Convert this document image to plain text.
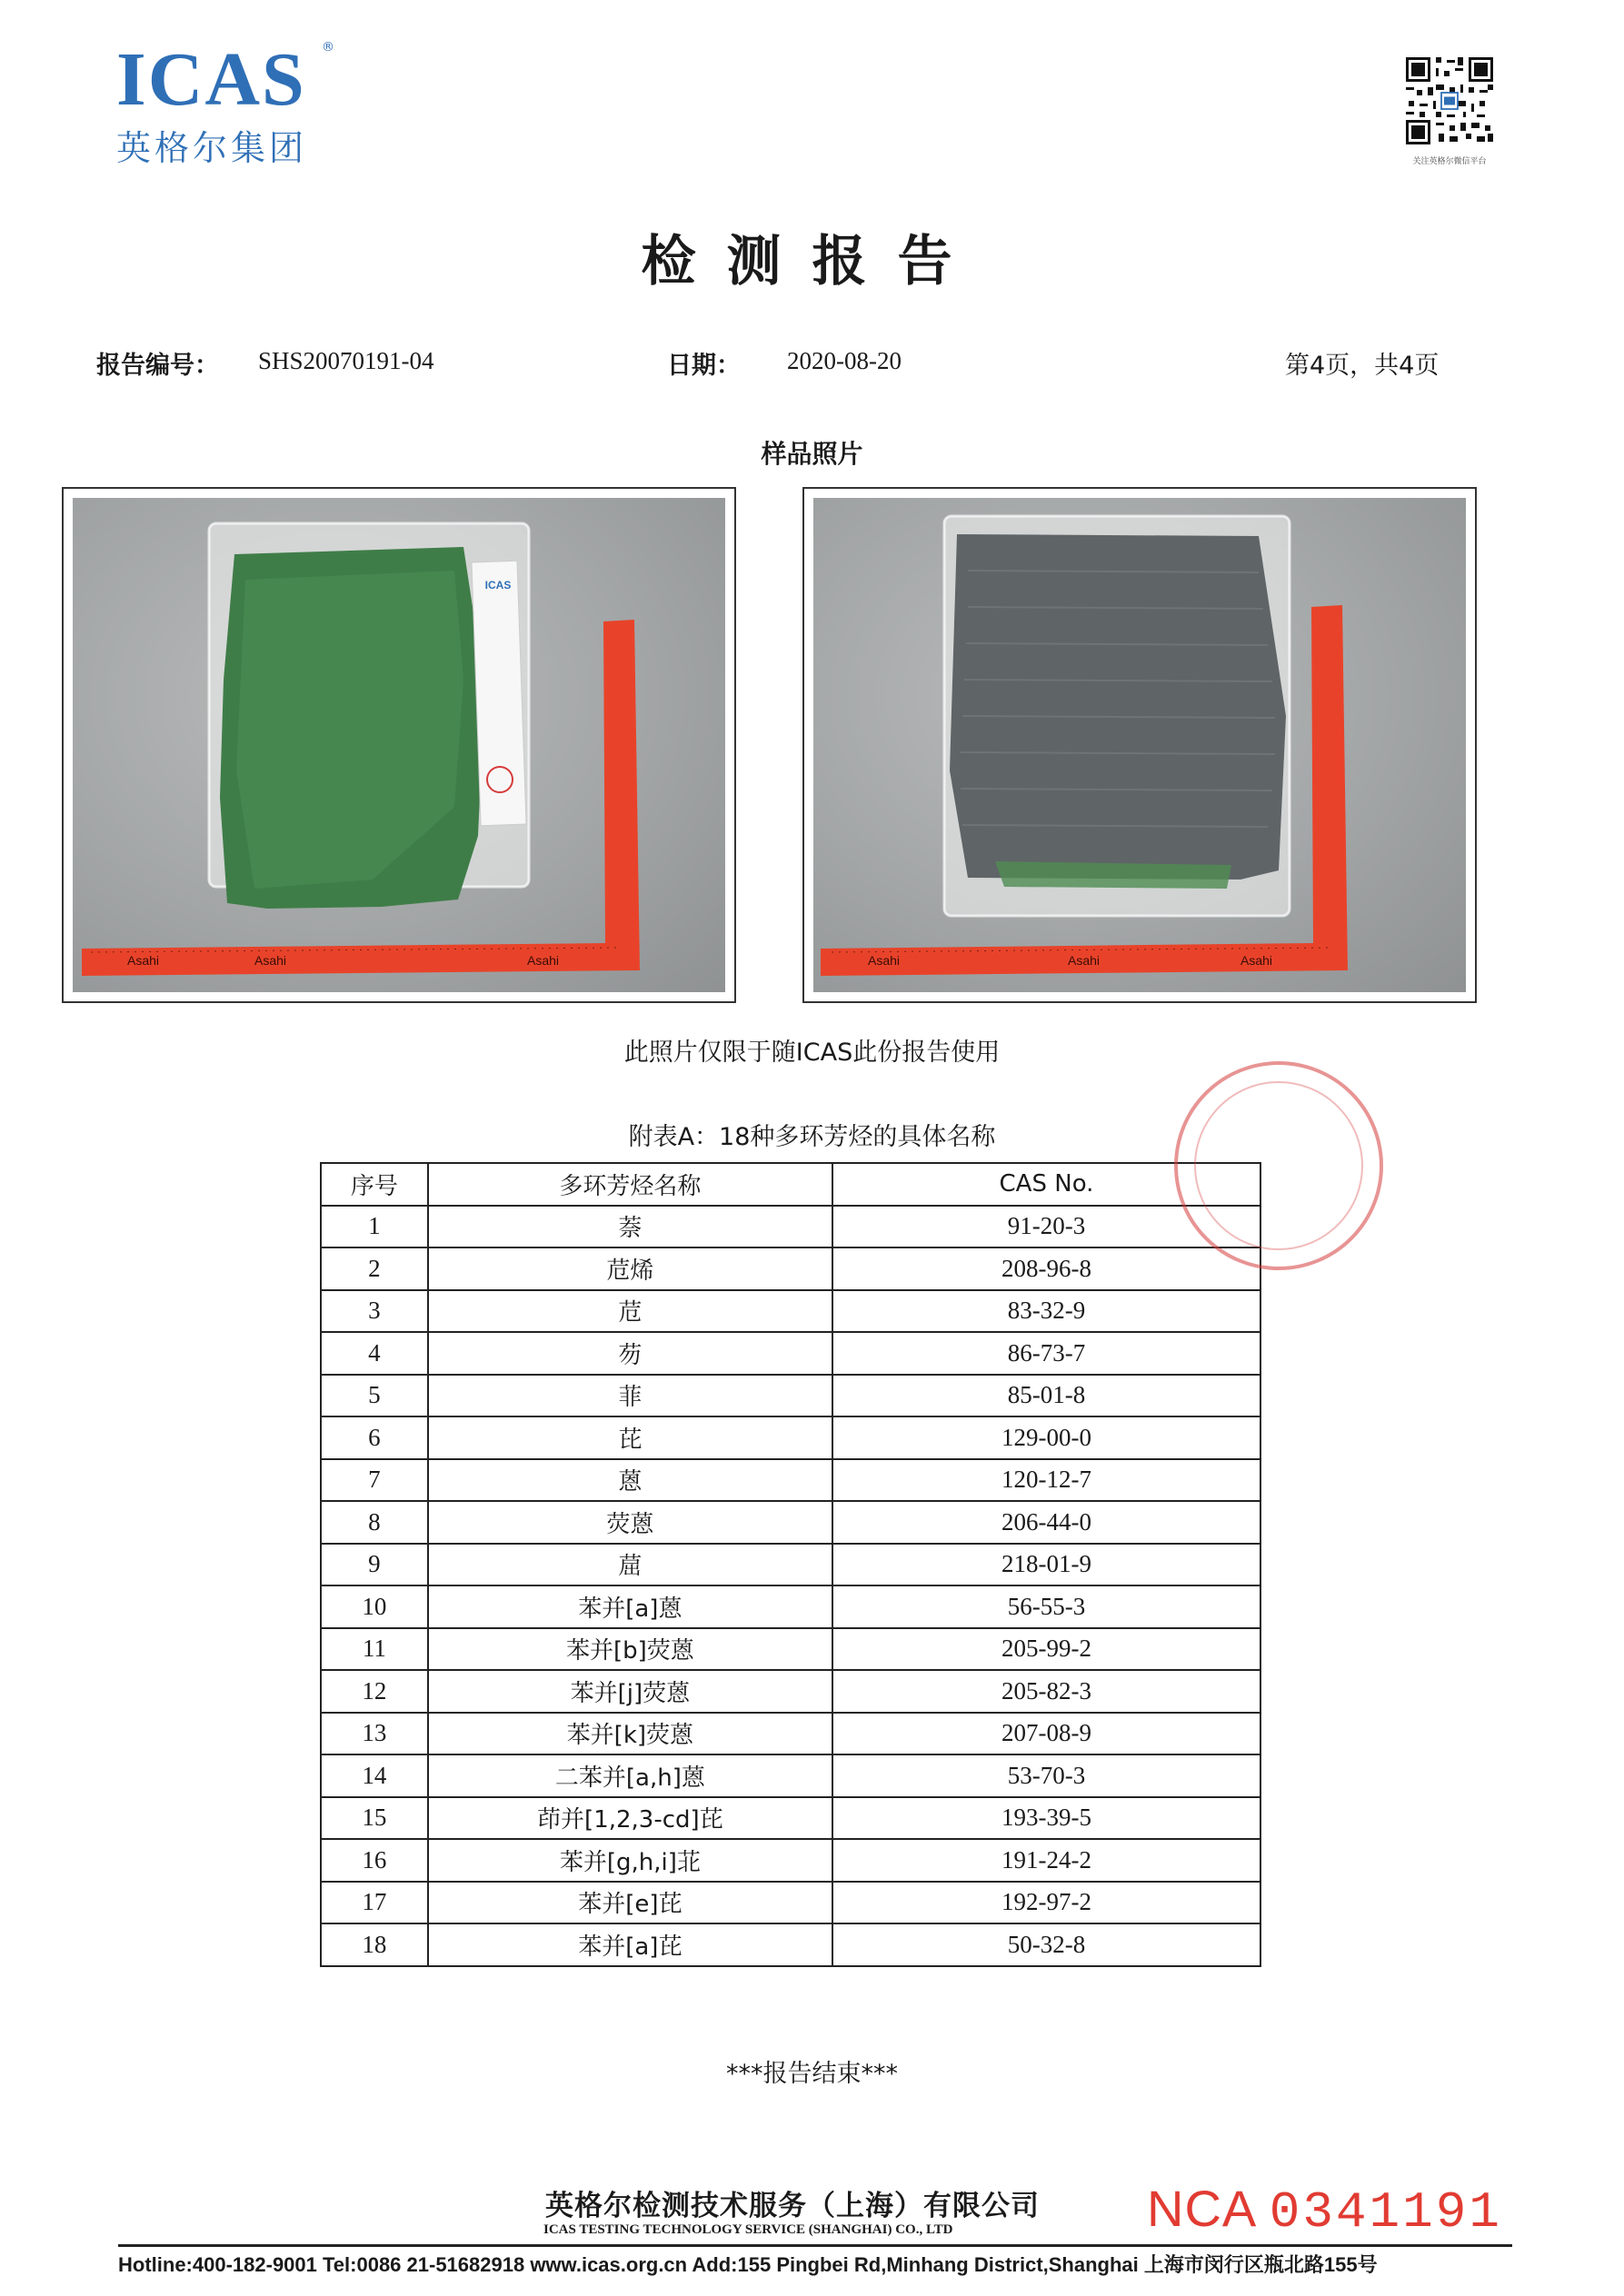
ICAS	®
英格尔集团	关注英格尔微信平台
检测报告
报告编号： SHS20070191-04	日期： 2020-08-20	第4页，共4页
样品照片
ICAS
Asahi	Asahi	Asahi	Asahi	Asahi	Asahi
此照片仅限于随ICAS此份报告使用
附表A：18种多环芳烃的具体名称
序号	多环芳烃名称	CAS No.
1	萘	91-20-3
2	苊烯	208-96-8
3	苊	83-32-9
4	芴	86-73-7
5	菲	85-01-8
6	芘	129-00-0
7	蒽	120-12-7
8	荧蒽	206-44-0
9	䓛	218-01-9
10	苯并[a]蒽	56-55-3
11	苯并[b]荧蒽	205-99-2
12	苯并[j]荧蒽	205-82-3
13	苯并[k]荧蒽	207-08-9
14	二苯并[a,h]蒽	53-70-3
15	茚并[1,2,3-cd]芘	193-39-5
16	苯并[g,h,i]苝	191-24-2
17	苯并[e]芘	192-97-2
18	苯并[a]芘	50-32-8
***报告结束***
英格尔检测技术服务（上海）有限公司
ICAS TESTING TECHNOLOGY SERVICE (SHANGHAI) CO., LTD	NCA 0341191
Hotline:400-182-9001 Tel:0086 21-51682918 www.icas.org.cn Add:155 Pingbei Rd,Minhang District,Shanghai 上海市闵行区瓶北路155号
